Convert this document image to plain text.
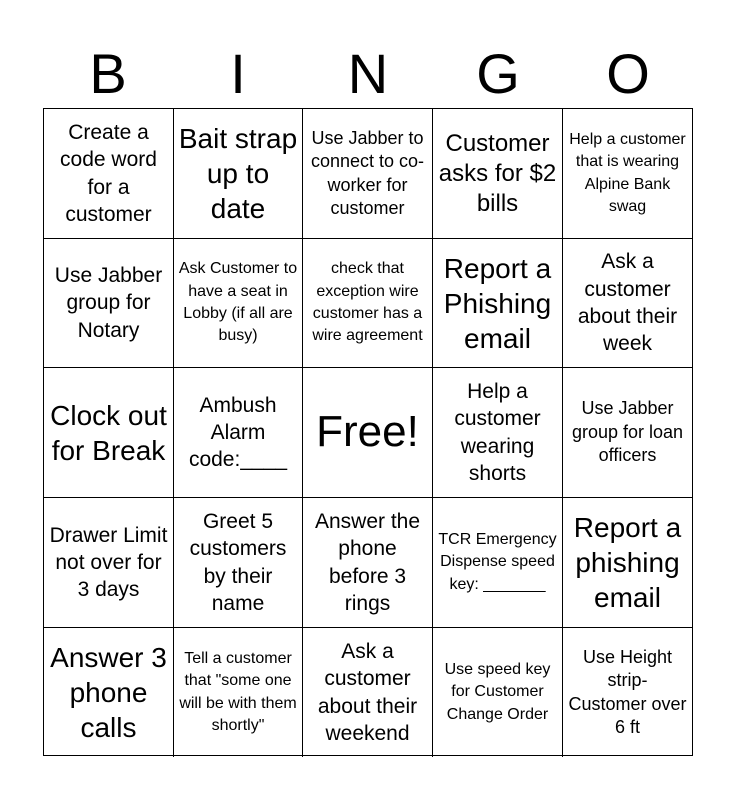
B	I	N	G	O
Create a code word for a customer
Bait strap up to date
Use Jabber to connect to co-worker for customer
Customer asks for $2 bills
Help a customer that is wearing Alpine Bank swag
Use Jabber group for Notary
Ask Customer to have a seat in Lobby (if all are busy)
check that exception wire customer has a wire agreement
Report a Phishing email
Ask a customer about their week
Clock out for Break
Ambush Alarm code:____
Free!
Help a customer wearing shorts
Use Jabber group for loan officers
Drawer Limit not over for 3 days
Greet 5 customers by their name
Answer the phone before 3 rings
TCR Emergency Dispense speed key: _______
Report a phishing email
Answer 3 phone calls
Tell a customer that "some one will be with them shortly"
Ask a customer about their weekend
Use speed key for Customer Change Order
Use Height strip- Customer over 6 ft
